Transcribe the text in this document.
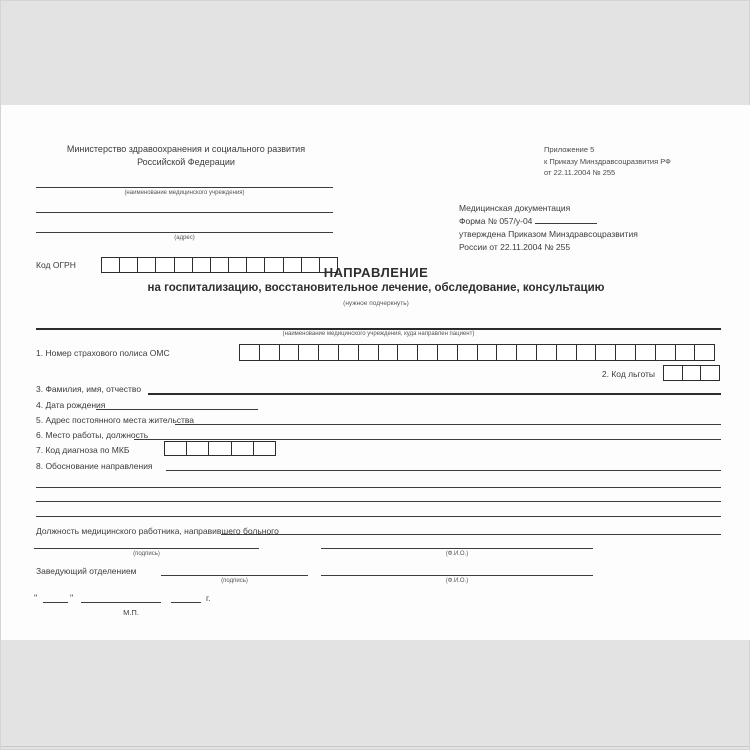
Министерство здравоохранения и социального развития
Российской Федерации
(наименование медицинского учреждения)
(адрес)
Код ОГРН
Приложение 5
к Приказу Минздравсоцразвития РФ
от 22.11.2004 № 255
Медицинская документация
Форма № 057/у-04
утверждена Приказом Минздравсоцразвития
России от 22.11.2004 № 255
НАПРАВЛЕНИЕ
на госпитализацию, восстановительное лечение, обследование, консультацию
(нужное подчеркнуть)
(наименование медицинского учреждения, куда направлен пациент)
1. Номер страхового полиса ОМС
2. Код льготы
3. Фамилия, имя, отчество
4. Дата рождения
5. Адрес постоянного места жительства
6. Место работы, должность
7. Код диагноза по МКБ
8. Обоснование направления
Должность медицинского работника, направившего больного
(подпись)	(Ф.И.О.)
Заведующий отделением
(подпись)	(Ф.И.О.)
"	"	г.
М.П.
